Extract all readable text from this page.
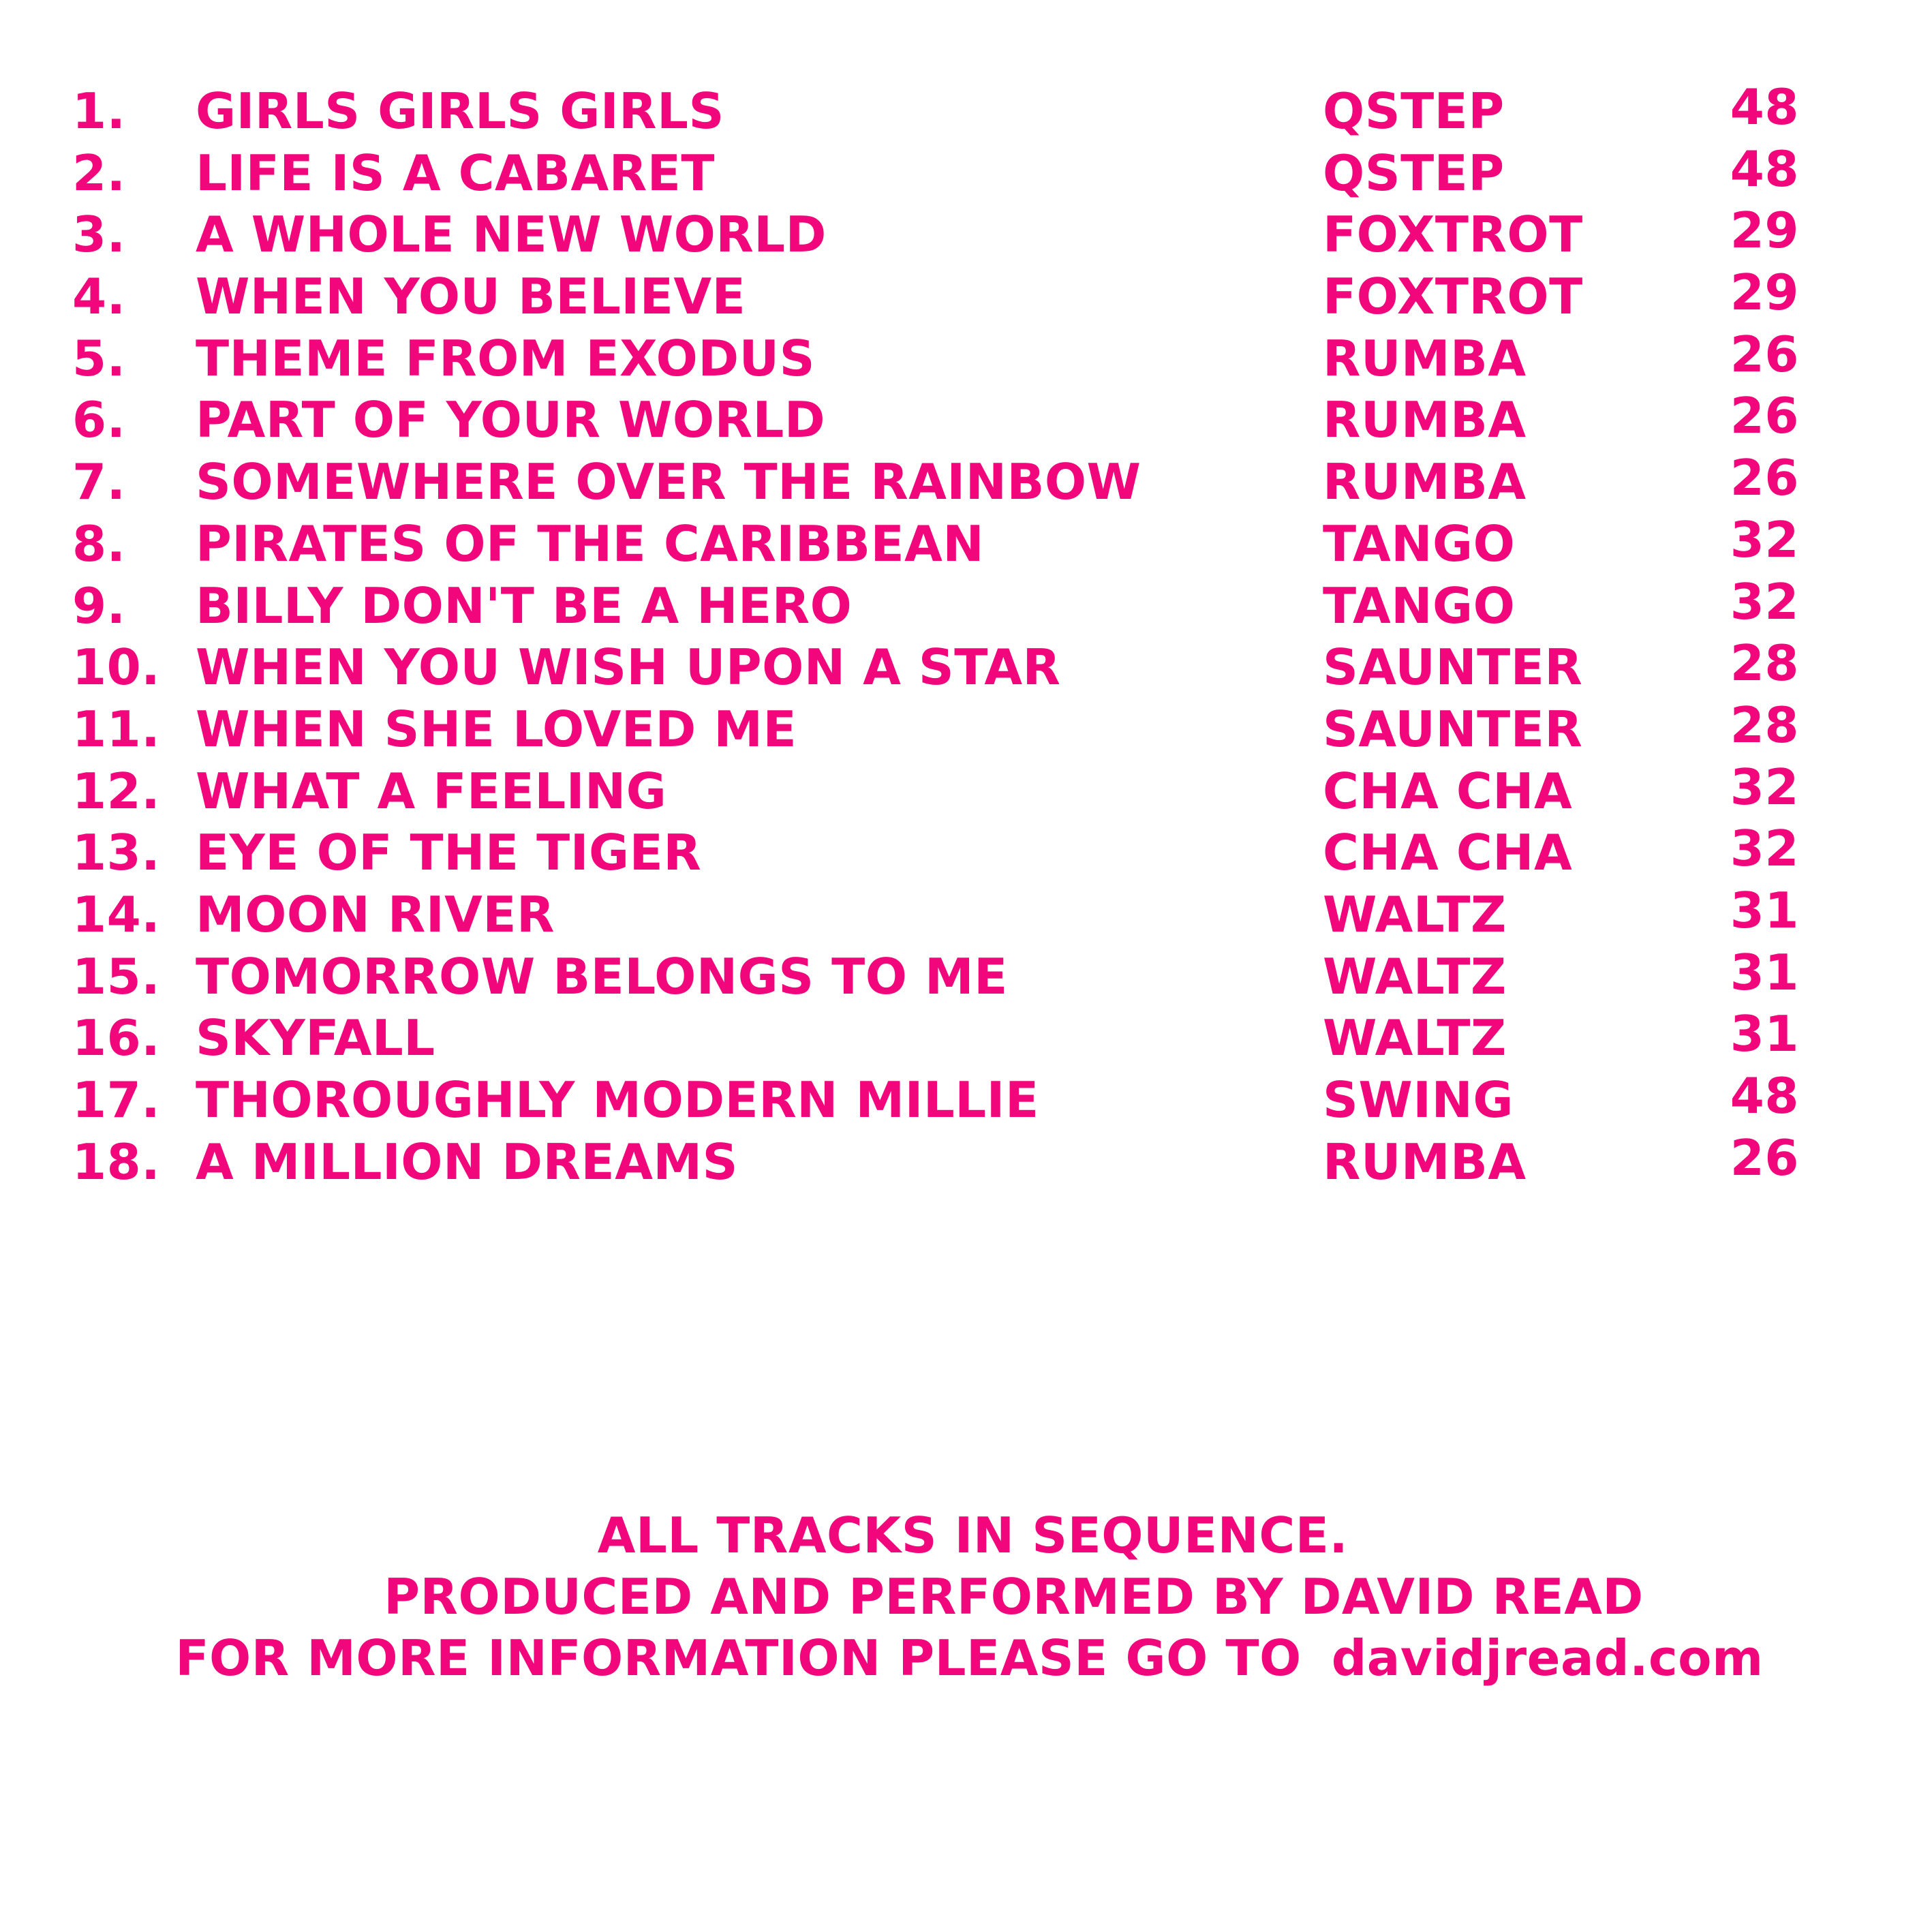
1. GIRLS GIRLS GIRLS	QSTEP	48
2. LIFE IS A CABARET	QSTEP	48
3. A WHOLE NEW WORLD	FOXTROT	29
4. WHEN YOU BELIEVE	FOXTROT	29
5. THEME FROM EXODUS	RUMBA	26
6. PART OF YOUR WORLD	RUMBA	26
7. SOMEWHERE OVER THE RAINBOW	RUMBA	26
8. PIRATES OF THE CARIBBEAN	TANGO	32
9. BILLY DON'T BE A HERO	TANGO	32
10. WHEN YOU WISH UPON A STAR	SAUNTER	28
11. WHEN SHE LOVED ME	SAUNTER	28
12. WHAT A FEELING	CHA CHA	32
13. EYE OF THE TIGER	CHA CHA	32
14. MOON RIVER	WALTZ	31
15. TOMORROW BELONGS TO ME	WALTZ	31
16. SKYFALL	WALTZ	31
17. THOROUGHLY MODERN MILLIE	SWING	48
18. A MILLION DREAMS	RUMBA	26
ALL TRACKS IN SEQUENCE.
PRODUCED AND PERFORMED BY DAVID READ
FOR MORE INFORMATION PLEASE GO TO davidjread.com
